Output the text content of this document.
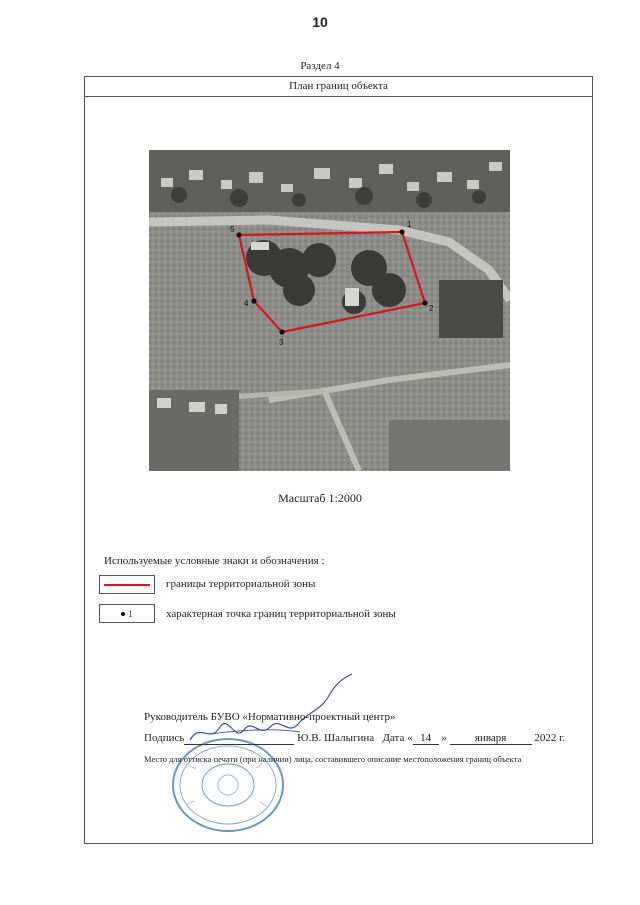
10
Раздел 4
План границ объекта
1
2
3
4
5
Масштаб 1:2000
Используемые условные знаки и обозначения :
границы территориальной зоны
1	характерная точка границ территориальной зоны
Руководитель БУВО «Нормативно-проектный центр»
Подпись	Ю.В. Шалыгина Дата « 14 »	января	2022 г.
Место для оттиска печати (при наличии) лица, составившего описание местоположения границ объекта
